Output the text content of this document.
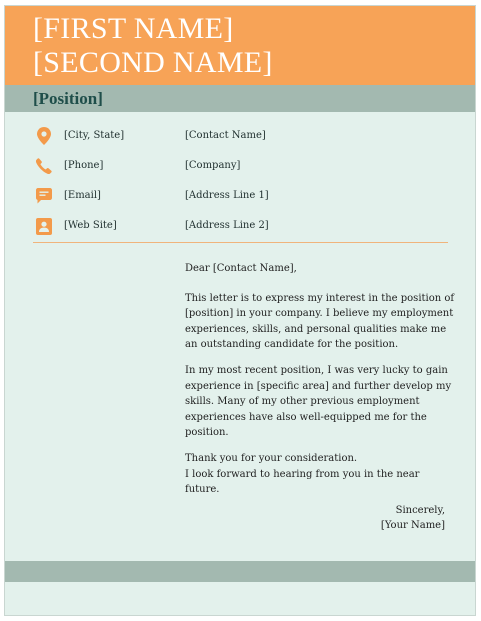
[FIRST NAME]
[SECOND NAME]
[Position]
[City, State]	[Contact Name]
[Phone]	[Company]
[Email]	[Address Line 1]
[Web Site]	[Address Line 2]

Dear [Contact Name],

This letter is to express my interest in the position of [position] in your company. I believe my employment experiences, skills, and personal qualities make me an outstanding candidate for the position.

In my most recent position, I was very lucky to gain experience in [specific area] and further develop my skills. Many of my other previous employment experiences have also well-equipped me for the position.

Thank you for your consideration.
I look forward to hearing from you in the near future.
Sincerely,
[Your Name]
